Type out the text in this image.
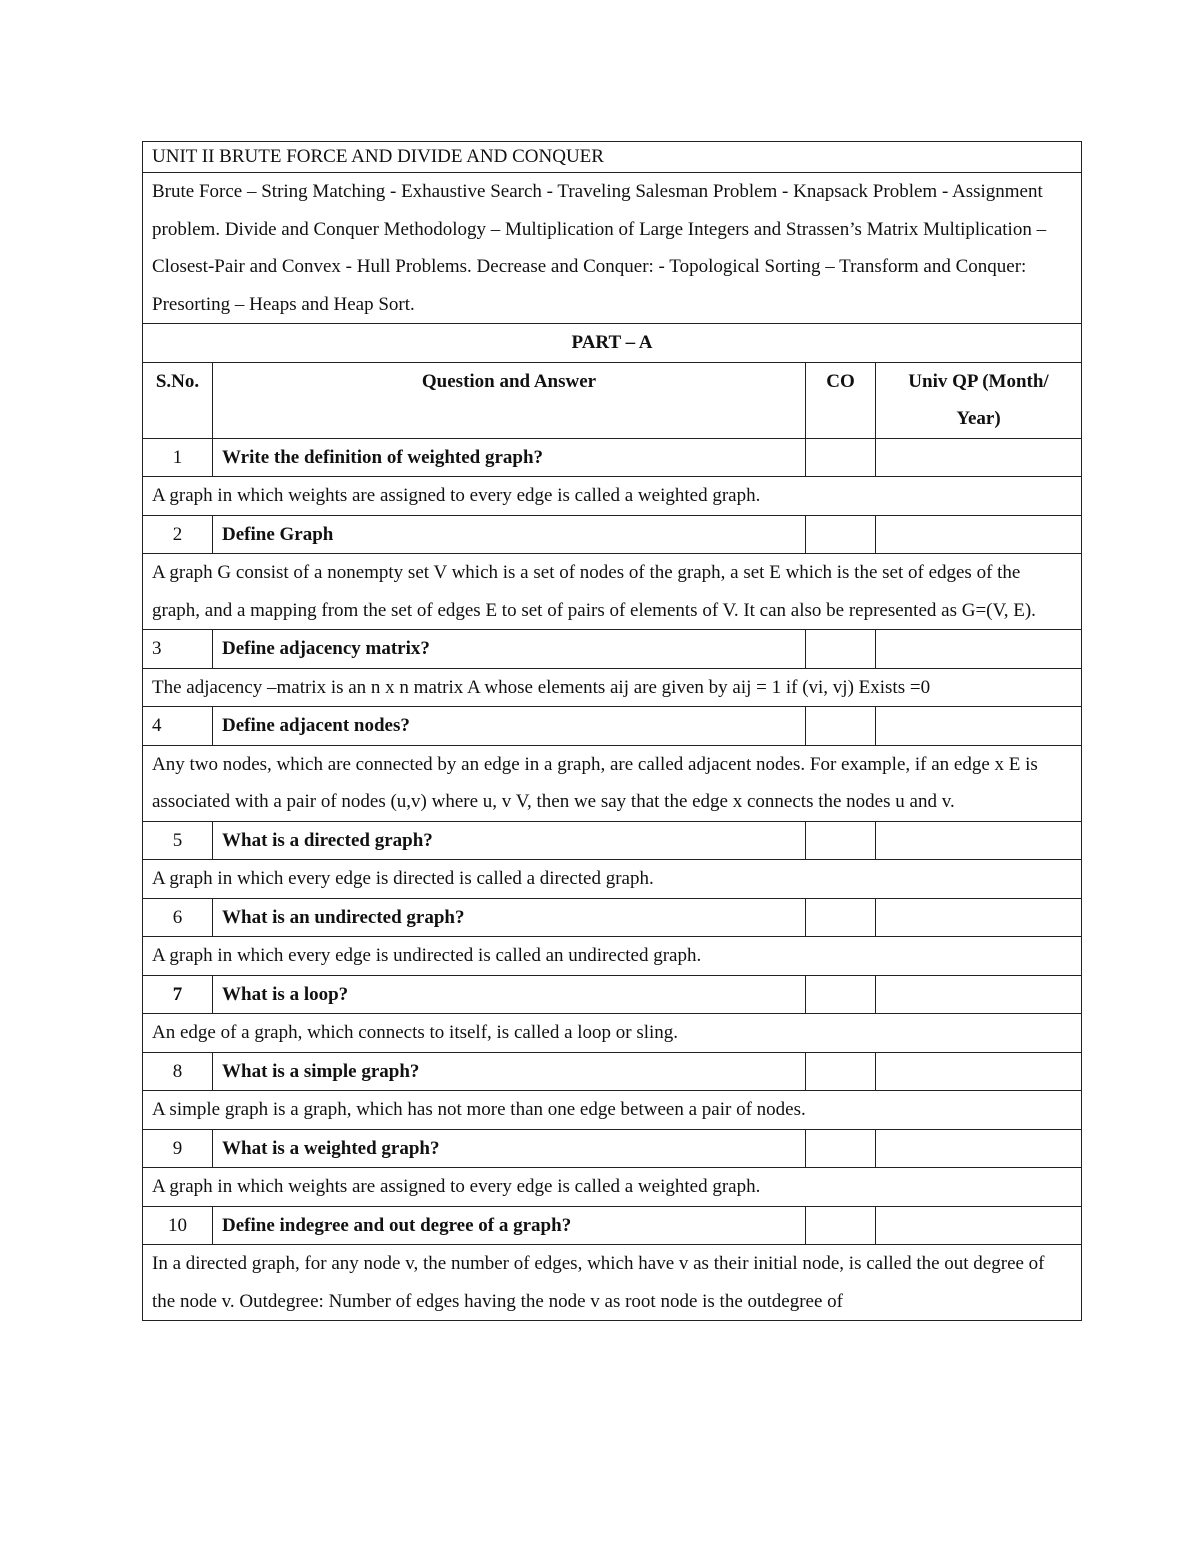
UNIT II BRUTE FORCE AND DIVIDE AND CONQUER			
Brute Force – String Matching - Exhaustive Search - Traveling Salesman Problem - Knapsack Problem - Assignment problem. Divide and Conquer Methodology – Multiplication of Large Integers and Strassen’s Matrix Multiplication – Closest-Pair and Convex - Hull Problems. Decrease and Conquer: - Topological Sorting – Transform and Conquer: Presorting – Heaps and Heap Sort.			
PART – A			
S.No.	Question and Answer	CO	Univ QP (Month/ Year)
1	Write the definition of weighted graph?		
A graph in which weights are assigned to every edge is called a weighted graph.			
2	Define Graph		
A graph G consist of a nonempty set V which is a set of nodes of the graph, a set E which is the set of edges of the graph, and a mapping from the set of edges E to set of pairs of elements of V. It can also be represented as G=(V, E).			
3	Define adjacency matrix?		
The adjacency –matrix is an n x n matrix A whose elements aij are given by aij = 1 if (vi, vj) Exists =0			
4	Define adjacent nodes?		
Any two nodes, which are connected by an edge in a graph, are called adjacent nodes. For example, if an edge x E is associated with a pair of nodes (u,v) where u, v V, then we say that the edge x connects the nodes u and v.			
5	What is a directed graph?		
A graph in which every edge is directed is called a directed graph.			
6	What is an undirected graph?		
A graph in which every edge is undirected is called an undirected graph.			
7	What is a loop?		
An edge of a graph, which connects to itself, is called a loop or sling.			
8	What is a simple graph?		
A simple graph is a graph, which has not more than one edge between a pair of nodes.			
9	What is a weighted graph?		
A graph in which weights are assigned to every edge is called a weighted graph.			
10	Define indegree and out degree of a graph?		
In a directed graph, for any node v, the number of edges, which have v as their initial node, is called the out degree of the node v. Outdegree: Number of edges having the node v as root node is the outdegree of			
